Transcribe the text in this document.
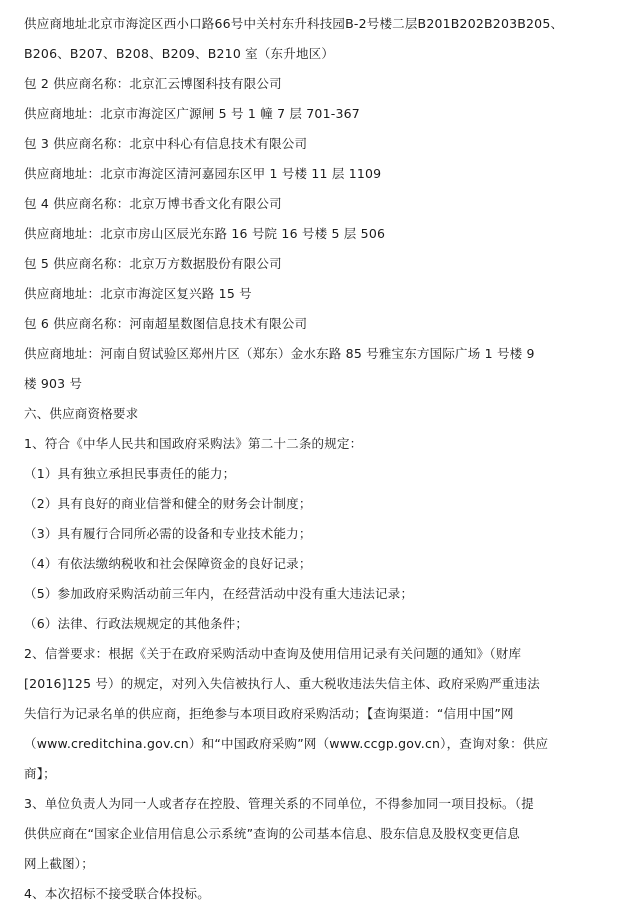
供应商地址北京市海淀区西小口路66号中关村东升科技园B-2号楼二层B201B202B203B205、
B206、B207、B208、B209、B210 室（东升地区）
包 2 供应商名称：北京汇云博图科技有限公司
供应商地址：北京市海淀区广源闸 5 号 1 幢 7 层 701-367
包 3 供应商名称：北京中科心有信息技术有限公司
供应商地址：北京市海淀区清河嘉园东区甲 1 号楼 11 层 1109
包 4 供应商名称：北京万博书香文化有限公司
供应商地址：北京市房山区辰光东路 16 号院 16 号楼 5 层 506
包 5 供应商名称：北京万方数据股份有限公司
供应商地址：北京市海淀区复兴路 15 号
包 6 供应商名称：河南超星数图信息技术有限公司
供应商地址：河南自贸试验区郑州片区（郑东）金水东路 85 号雅宝东方国际广场 1 号楼 9
楼 903 号
六、供应商资格要求
1、符合《中华人民共和国政府采购法》第二十二条的规定：
（1）具有独立承担民事责任的能力；
（2）具有良好的商业信誉和健全的财务会计制度；
（3）具有履行合同所必需的设备和专业技术能力；
（4）有依法缴纳税收和社会保障资金的良好记录；
（5）参加政府采购活动前三年内，在经营活动中没有重大违法记录；
（6）法律、行政法规规定的其他条件；
2、信誉要求：根据《关于在政府采购活动中查询及使用信用记录有关问题的通知》（财库
[2016]125 号）的规定，对列入失信被执行人、重大税收违法失信主体、政府采购严重违法
失信行为记录名单的供应商，拒绝参与本项目政府采购活动；【查询渠道：“信用中国”网
（www.creditchina.gov.cn）和“中国政府采购”网（www.ccgp.gov.cn），查询对象：供应
商】；
3、单位负责人为同一人或者存在控股、管理关系的不同单位，不得参加同一项目投标。（提
供供应商在“国家企业信用信息公示系统”查询的公司基本信息、股东信息及股权变更信息
网上截图）；
4、本次招标不接受联合体投标。
